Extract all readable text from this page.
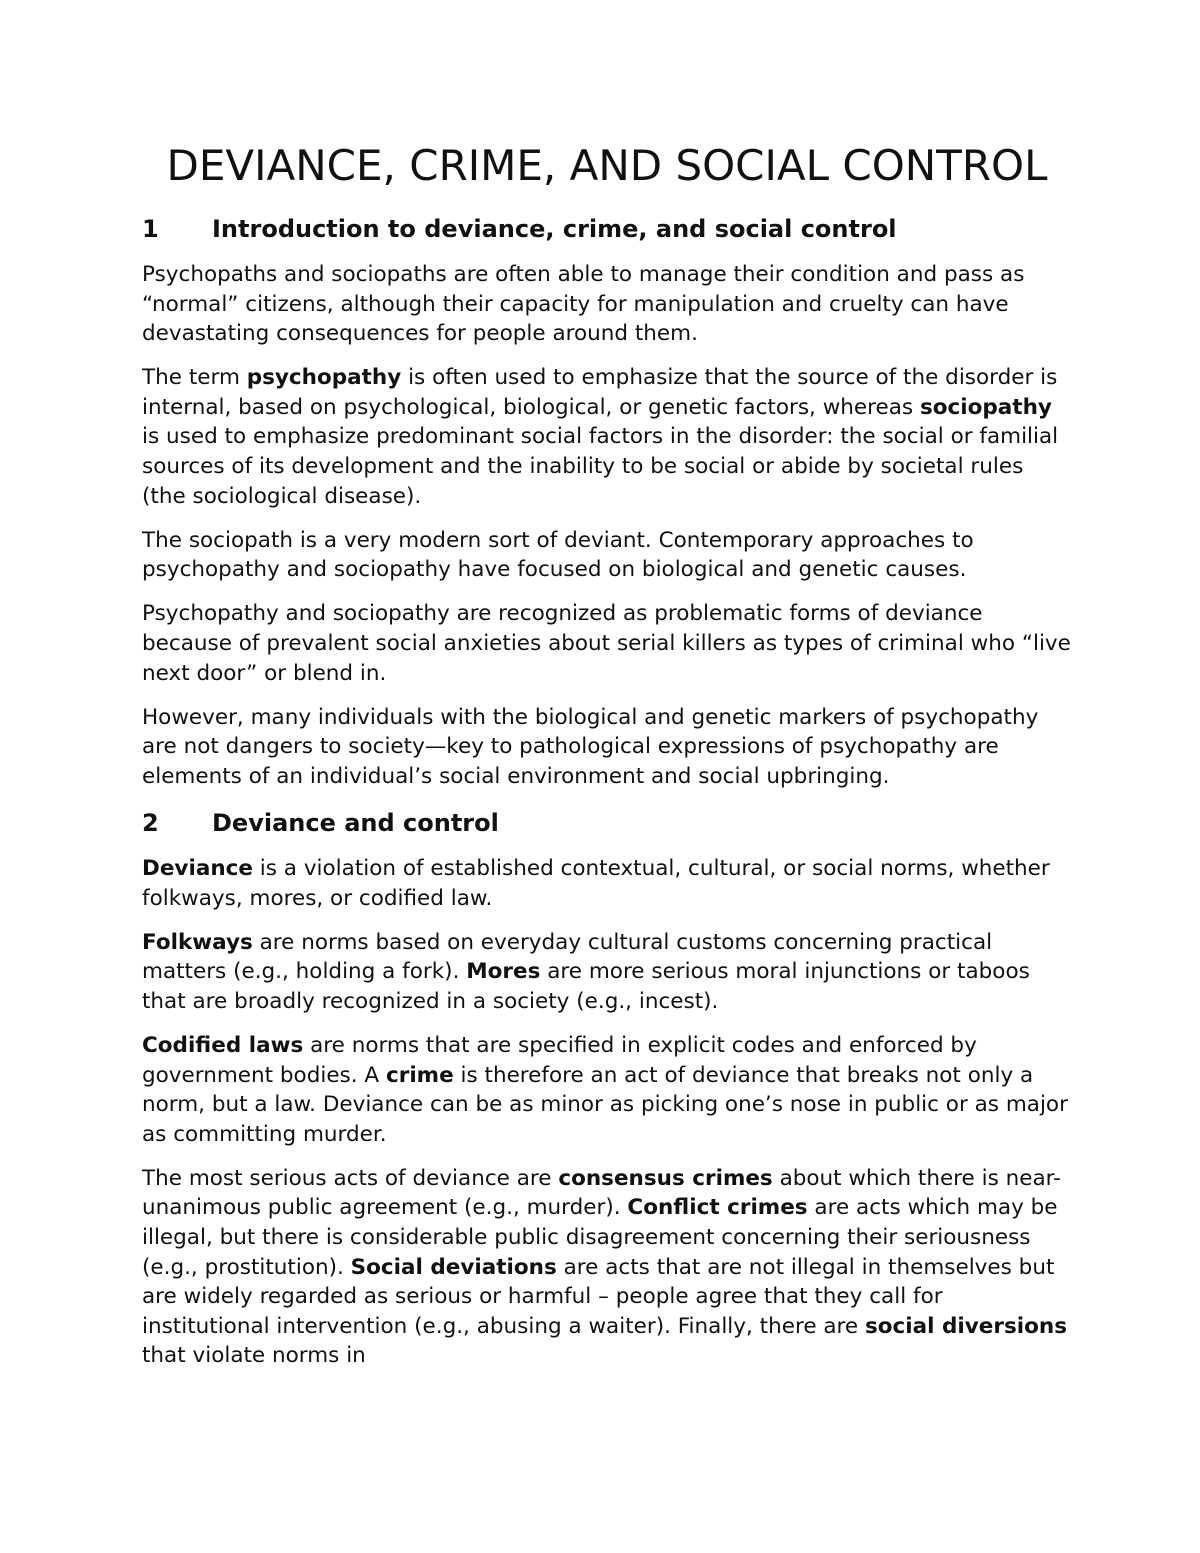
DEVIANCE, CRIME, AND SOCIAL CONTROL
1	Introduction to deviance, crime, and social control

Psychopaths and sociopaths are often able to manage their condition and pass as “normal” citizens, although their capacity for manipulation and cruelty can have devastating consequences for people around them.

The term psychopathy is often used to emphasize that the source of the disorder is internal, based on psychological, biological, or genetic factors, whereas sociopathy is used to emphasize predominant social factors in the disorder: the social or familial sources of its development and the inability to be social or abide by societal rules (the sociological disease).

The sociopath is a very modern sort of deviant. Contemporary approaches to psychopathy and sociopathy have focused on biological and genetic causes.

Psychopathy and sociopathy are recognized as problematic forms of deviance because of prevalent social anxieties about serial killers as types of criminal who “live next door” or blend in.

However, many individuals with the biological and genetic markers of psychopathy are not dangers to society—key to pathological expressions of psychopathy are elements of an individual’s social environment and social upbringing.

2	Deviance and control

Deviance is a violation of established contextual, cultural, or social norms, whether folkways, mores, or codified law.

Folkways are norms based on everyday cultural customs concerning practical matters (e.g., holding a fork). Mores are more serious moral injunctions or taboos that are broadly recognized in a society (e.g., incest).

Codified laws are norms that are specified in explicit codes and enforced by government bodies. A crime is therefore an act of deviance that breaks not only a norm, but a law. Deviance can be as minor as picking one’s nose in public or as major as committing murder.

The most serious acts of deviance are consensus crimes about which there is near-unanimous public agreement (e.g., murder). Conflict crimes are acts which may be illegal, but there is considerable public disagreement concerning their seriousness (e.g., prostitution). Social deviations are acts that are not illegal in themselves but are widely regarded as serious or harmful – people agree that they call for institutional intervention (e.g., abusing a waiter). Finally, there are social diversions that violate norms in
